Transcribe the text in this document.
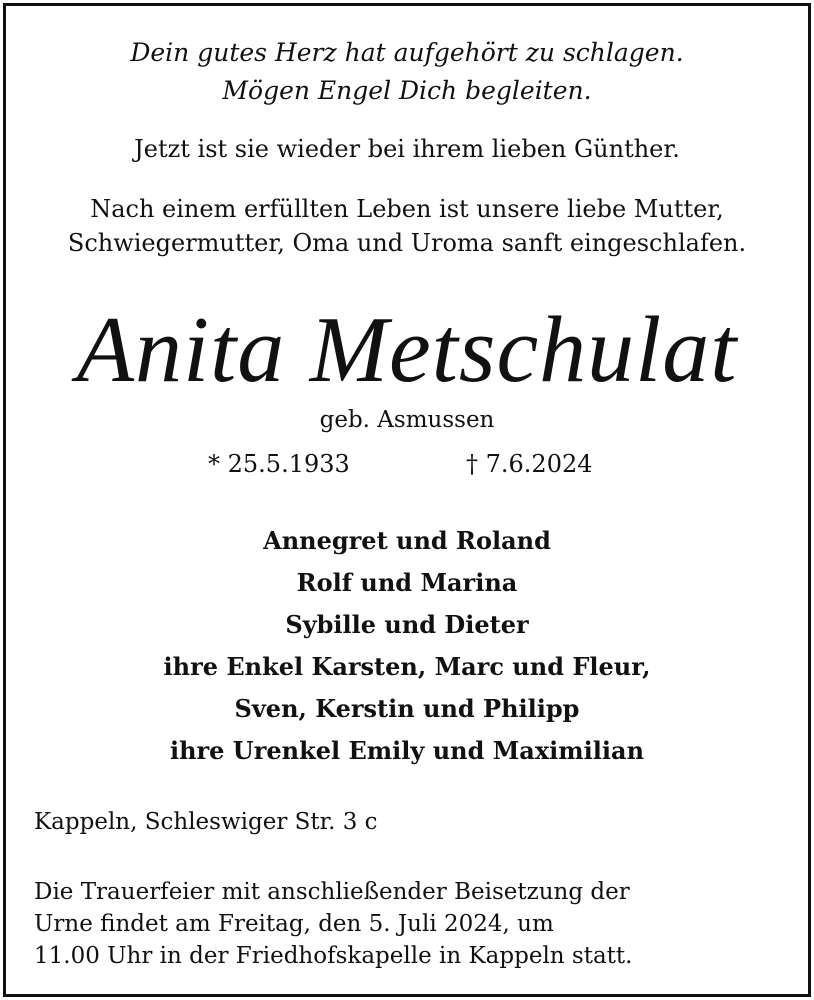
Dein gutes Herz hat aufgehört zu schlagen.
Mögen Engel Dich begleiten.
Jetzt ist sie wieder bei ihrem lieben Günther.
Nach einem erfüllten Leben ist unsere liebe Mutter,
Schwiegermutter, Oma und Uroma sanft eingeschlafen.
Anita Metschulat
geb. Asmussen
* 25.5.1933	† 7.6.2024
Annegret und Roland
Rolf und Marina
Sybille und Dieter
ihre Enkel Karsten, Marc und Fleur,
Sven, Kerstin und Philipp
ihre Urenkel Emily und Maximilian
Kappeln, Schleswiger Str. 3 c
Die Trauerfeier mit anschließender Beisetzung der
Urne findet am Freitag, den 5. Juli 2024, um
11.00 Uhr in der Friedhofskapelle in Kappeln statt.
